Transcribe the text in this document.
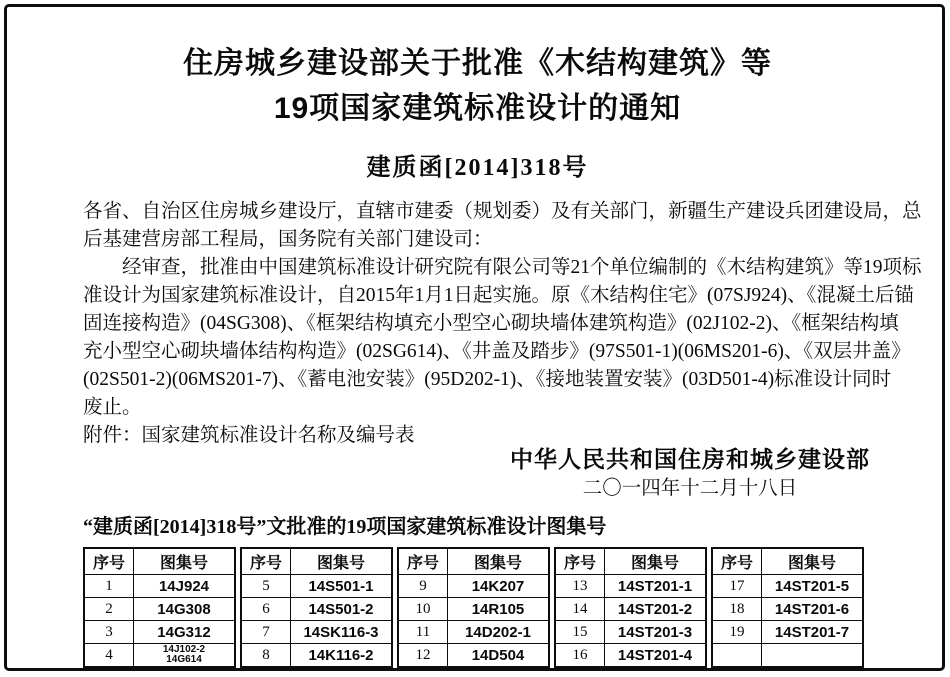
住房城乡建设部关于批准《木结构建筑》等
19项国家建筑标准设计的通知
建质函[2014]318号
各省、自治区住房城乡建设厅，直辖市建委（规划委）及有关部门，新疆生产建设兵团建设局，总
后基建营房部工程局，国务院有关部门建设司：
经审查，批准由中国建筑标准设计研究院有限公司等21个单位编制的《木结构建筑》等19项标
准设计为国家建筑标准设计，自2015年1月1日起实施。原《木结构住宅》(07SJ924)、《混凝土后锚
固连接构造》(04SG308)、《框架结构填充小型空心砌块墙体建筑构造》(02J102-2)、《框架结构填
充小型空心砌块墙体结构构造》(02SG614)、《井盖及踏步》(97S501-1)(06MS201-6)、《双层井盖》
(02S501-2)(06MS201-7)、《蓄电池安装》(95D202-1)、《接地装置安装》(03D501-4)标准设计同时
废止。
附件：国家建筑标准设计名称及编号表
中华人民共和国住房和城乡建设部
二〇一四年十二月十八日
“建质函[2014]318号”文批准的19项国家建筑标准设计图集号
序号	图集号
1	14J924
2	14G308
3	14G312
4	14J102-2
14G614
序号	图集号
5	14S501-1
6	14S501-2
7	14SK116-3
8	14K116-2
序号	图集号
9	14K207
10	14R105
11	14D202-1
12	14D504
序号	图集号
13	14ST201-1
14	14ST201-2
15	14ST201-3
16	14ST201-4
序号	图集号
17	14ST201-5
18	14ST201-6
19	14ST201-7
